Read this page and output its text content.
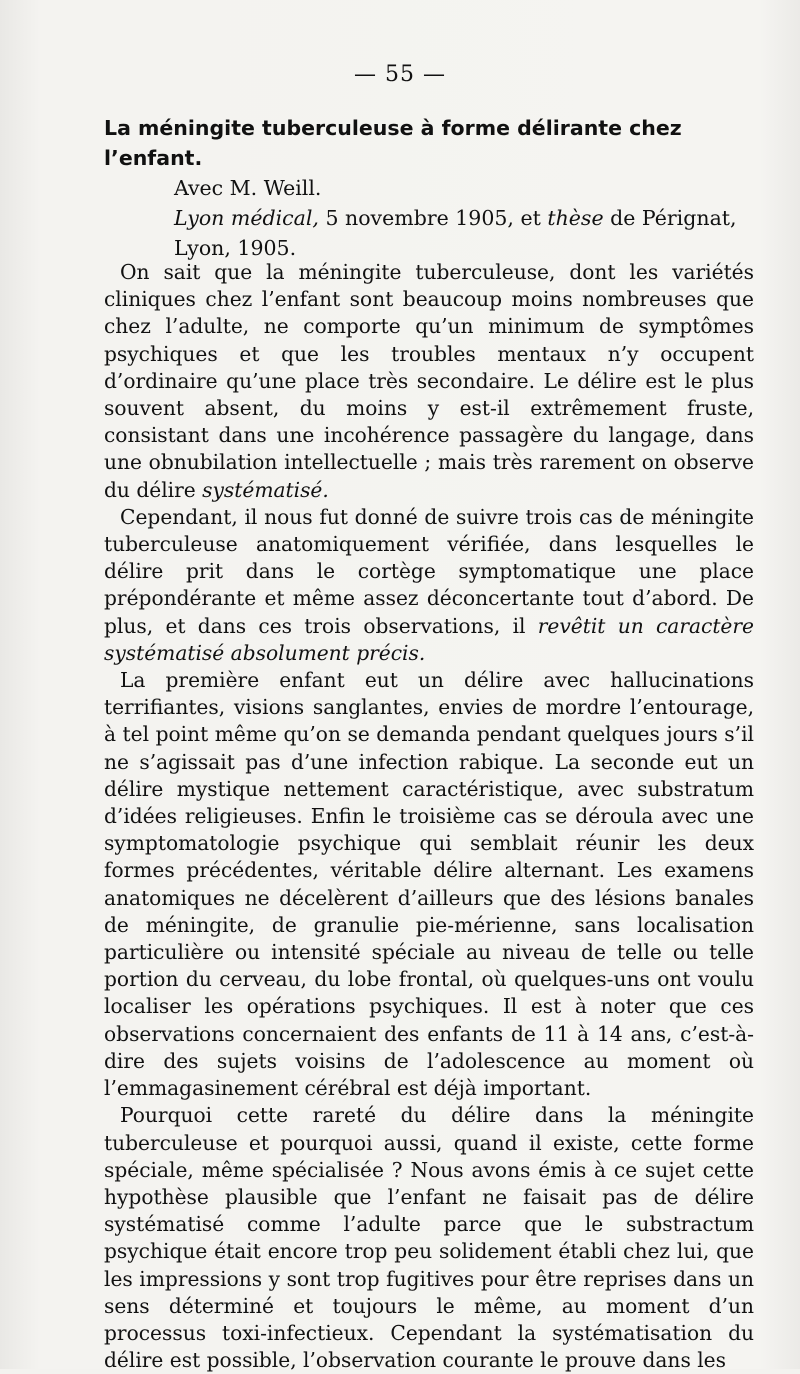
— 55 —

La méningite tuberculeuse à forme délirante chez l’enfant.

Avec M. Weill.

Lyon médical, 5 novembre 1905, et thèse de Pérignat,

Lyon, 1905.

On sait que la méningite tuberculeuse, dont les variétés cliniques chez l’enfant sont beaucoup moins nombreuses que chez l’adulte, ne comporte qu’un minimum de symptômes psychiques et que les troubles mentaux n’y occupent d’ordinaire qu’une place très secondaire. Le délire est le plus souvent absent, du moins y est-il extrêmement fruste, consistant dans une incohérence passagère du langage, dans une obnubilation intellectuelle ; mais très rarement on observe du délire systématisé.

Cependant, il nous fut donné de suivre trois cas de méningite tuberculeuse anatomiquement vérifiée, dans lesquelles le délire prit dans le cortège symptomatique une place prépondérante et même assez déconcertante tout d’abord. De plus, et dans ces trois observations, il revêtit un caractère systématisé absolument précis.

La première enfant eut un délire avec hallucinations terrifiantes, visions sanglantes, envies de mordre l’entourage, à tel point même qu’on se demanda pendant quelques jours s’il ne s’agissait pas d’une infection rabique. La seconde eut un délire mystique nettement caractéristique, avec substratum d’idées religieuses. Enfin le troisième cas se déroula avec une symptomatologie psychique qui semblait réunir les deux formes précédentes, véritable délire alternant. Les examens anatomiques ne décelèrent d’ailleurs que des lésions banales de méningite, de granulie pie-mérienne, sans localisation particulière ou intensité spéciale au niveau de telle ou telle portion du cerveau, du lobe frontal, où quelques-uns ont voulu localiser les opérations psychiques. Il est à noter que ces observations concernaient des enfants de 11 à 14 ans, c’est-à-dire des sujets voisins de l’adolescence au moment où l’emmagasinement cérébral est déjà important.

Pourquoi cette rareté du délire dans la méningite tuberculeuse et pourquoi aussi, quand il existe, cette forme spéciale, même spécialisée ? Nous avons émis à ce sujet cette hypothèse plausible que l’enfant ne faisait pas de délire systématisé comme l’adulte parce que le substractum psychique était encore trop peu solidement établi chez lui, que les impressions y sont trop fugitives pour être reprises dans un sens déterminé et toujours le même, au moment d’un processus toxi-infectieux. Cependant la systématisation du délire est possible, l’observation courante le prouve dans les
